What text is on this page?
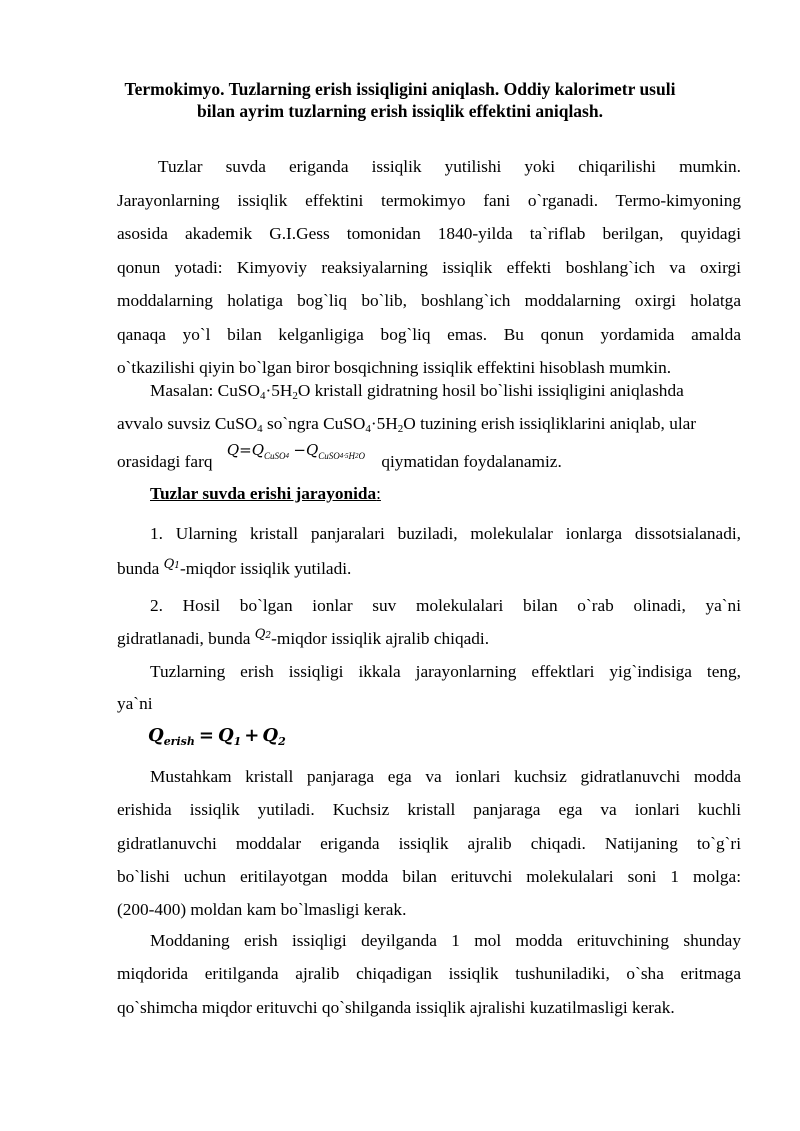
Termokimyo. Tuzlarning erish issiqligini aniqlash. Oddiy kalorimetr usuli
bilan ayrim tuzlarning erish issiqlik effektini aniqlash.
Tuzlar suvda eriganda issiqlik yutilishi yoki chiqarilishi mumkin.
Jarayonlarning issiqlik effektini termokimyo fani o`rganadi. Termo-kimyoning
asosida akademik G.I.Gess tomonidan 1840-yilda ta`riflab berilgan, quyidagi
qonun yotadi: Kimyoviy reaksiyalarning issiqlik effekti boshlang`ich va oxirgi
moddalarning holatiga bog`liq bo`lib, boshlang`ich moddalarning oxirgi holatga
qanaqa yo`l bilan kelganligiga bog`liq emas. Bu qonun yordamida amalda
o`tkazilishi qiyin bo`lgan biror bosqichning issiqlik effektini hisoblash mumkin.
Masalan: $CuSO_4\cdot 5H_2O$ kristall gidratning hosil bo`lishi issiqligini aniqlashda
avvalo suvsiz CuSO$_4$ so`ngra $CuSO_4\cdot 5H_2O$ tuzining erish issiqliklarini aniqlab, ular
orasidagi farq $Q=Q_{CuSO}4 -Q_{CuSO}4\cdot 5_H2_O$ qiymatidan foydalanamiz.
Tuzlar suvda erishi jarayonida:
1. Ularning kristall panjaralari buziladi, molekulalar ionlarga dissotsialanadi,
bunda $^{Q1}$-miqdor issiqlik yutiladi.
2. Hosil bo`lgan ionlar suv molekulalari bilan o`rab olinadi, ya`ni
gidratlanadi, bunda $^{Q2}$-miqdor issiqlik ajralib chiqadi.
Tuzlarning erish issiqligi ikkala jarayonlarning effektlari yig`indisiga teng,
ya`ni
$Q_{erish} = Q_1 + Q_2$
Mustahkam kristall panjaraga ega va ionlari kuchsiz gidratlanuvchi modda
erishida issiqlik yutiladi. Kuchsiz kristall panjaraga ega va ionlari kuchli
gidratlanuvchi moddalar eriganda issiqlik ajralib chiqadi. Natijaning to`g`ri
bo`lishi uchun eritilayotgan modda bilan erituvchi molekulalari soni 1 molga:
(200-400) moldan kam bo`lmasligi kerak.
Moddaning erish issiqligi deyilganda 1 mol modda erituvchining shunday
miqdorida eritilganda ajralib chiqadigan issiqlik tushuniladiki, o`sha eritmaga
qo`shimcha miqdor erituvchi qo`shilganda issiqlik ajralishi kuzatilmasligi kerak.
